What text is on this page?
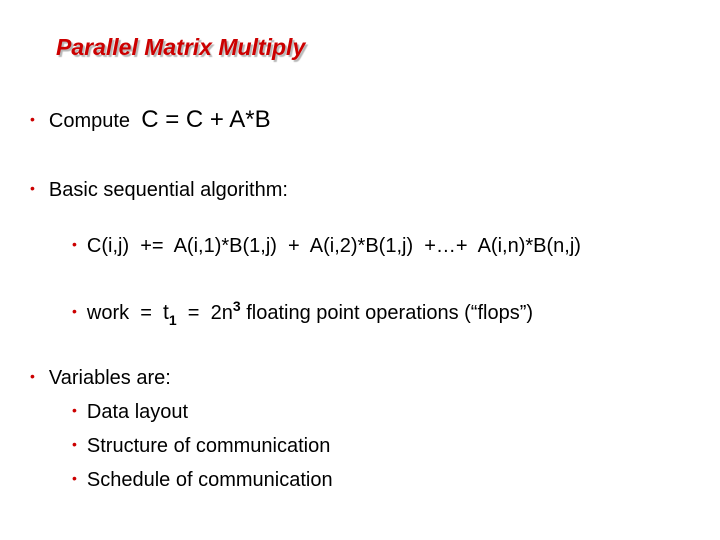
Parallel Matrix Multiply
• Compute C = C + A*B
• Basic sequential algorithm:
• C(i,j)  +=  A(i,1)*B(1,j)  +  A(i,2)*B(1,j)  +…+  A(i,n)*B(n,j)
• work  =  $t_1 = 2n^3$ floating point operations (“flops”)
• Variables are:
• Data layout
• Structure of communication
• Schedule of communication
